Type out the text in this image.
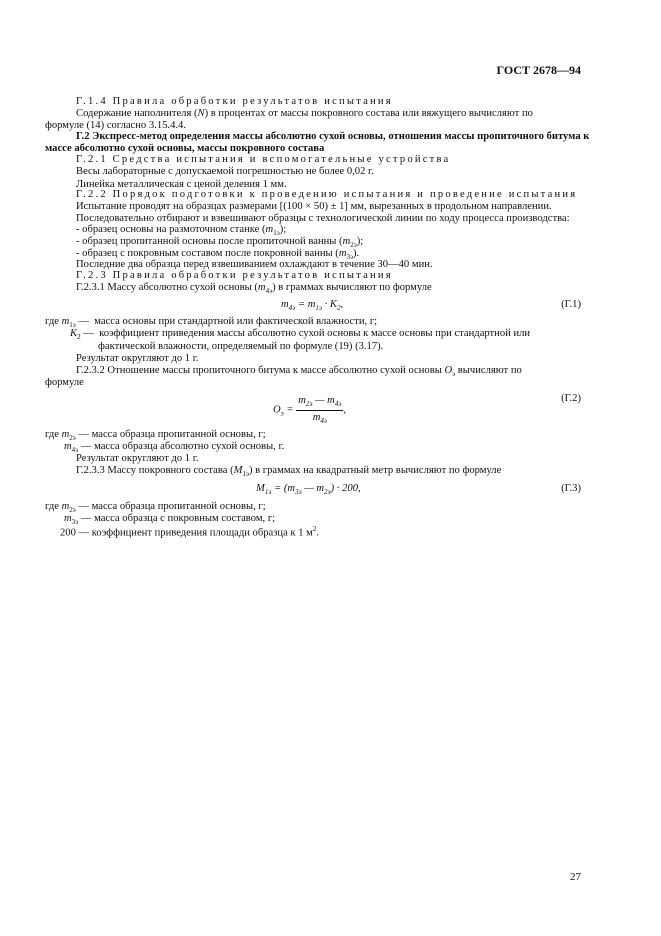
ГОСТ 2678—94
Г.1.4 Правила обработки результатов испытания
Содержание наполнителя (N) в процентах от массы покровного состава или вяжущего вычисляют по
формуле (14) согласно 3.15.4.4.
Г.2 Экспресс-метод определения массы абсолютно сухой основы, отношения массы пропиточного битума к
массе абсолютно сухой основы, массы покровного состава
Г.2.1 Средства испытания и вспомогательные устройства
Весы лабораторные с допускаемой погрешностью не более 0,02 г.
Линейка металлическая с ценой деления 1 мм.
Г.2.2 Порядок подготовки к проведению испытания и проведение испытания
Испытание проводят на образцах размерами [(100 × 50) ± 1] мм, вырезанных в продольном направлении.
Последовательно отбирают и взвешивают образцы с технологической линии по ходу процесса производства:
- образец основы на размоточном станке $(m_{1э})$;
- образец пропитанной основы после пропиточной ванны $(m_{2э})$;
- образец с покровным составом после покровной ванны $(m_{3э})$.
Последние два образца перед взвешиванием охлаждают в течение 30—40 мин.
Г.2.3 Правила обработки результатов испытания
Г.2.3.1 Массу абсолютно сухой основы $(m_{4э})$ в граммах вычисляют по формуле
$m_{4э} = m_{1э} \cdot K_2$,	(Г.1)
где $m_{1э}$ —  масса основы при стандартной или фактической влажности, г;
$K_2$ —  коэффициент приведения массы абсолютно сухой основы к массе основы при стандартной или
фактической влажности, определяемый по формуле (19) (3.17).
Результат округляют до 1 г.
Г.2.3.2 Отношение массы пропиточного битума к массе абсолютно сухой основы $О_э$ вычисляют по
формуле
$О_э = \frac{m_{2э} — m_{4э}}{m_{4э}}$ ,
(Г.2)
где $m_{2э}$ — масса образца пропитанной основы, г;
$m_{4э}$ — масса образца абсолютно сухой основы, г.
Результат округляют до 1 г.
Г.2.3.3 Массу покровного состава $(M_{1э})$ в граммах на квадратный метр вычисляют по формуле
$M_{1э} = (m_{3э}$ — $m_{2э}) \cdot 200$,	(Г.3)
где $m_{2э}$ — масса образца пропитанной основы, г;
$m_{3э}$ — масса образца с покровным составом, г;
200 — коэффициент приведения площади образца к 1 $м^2$.
27
